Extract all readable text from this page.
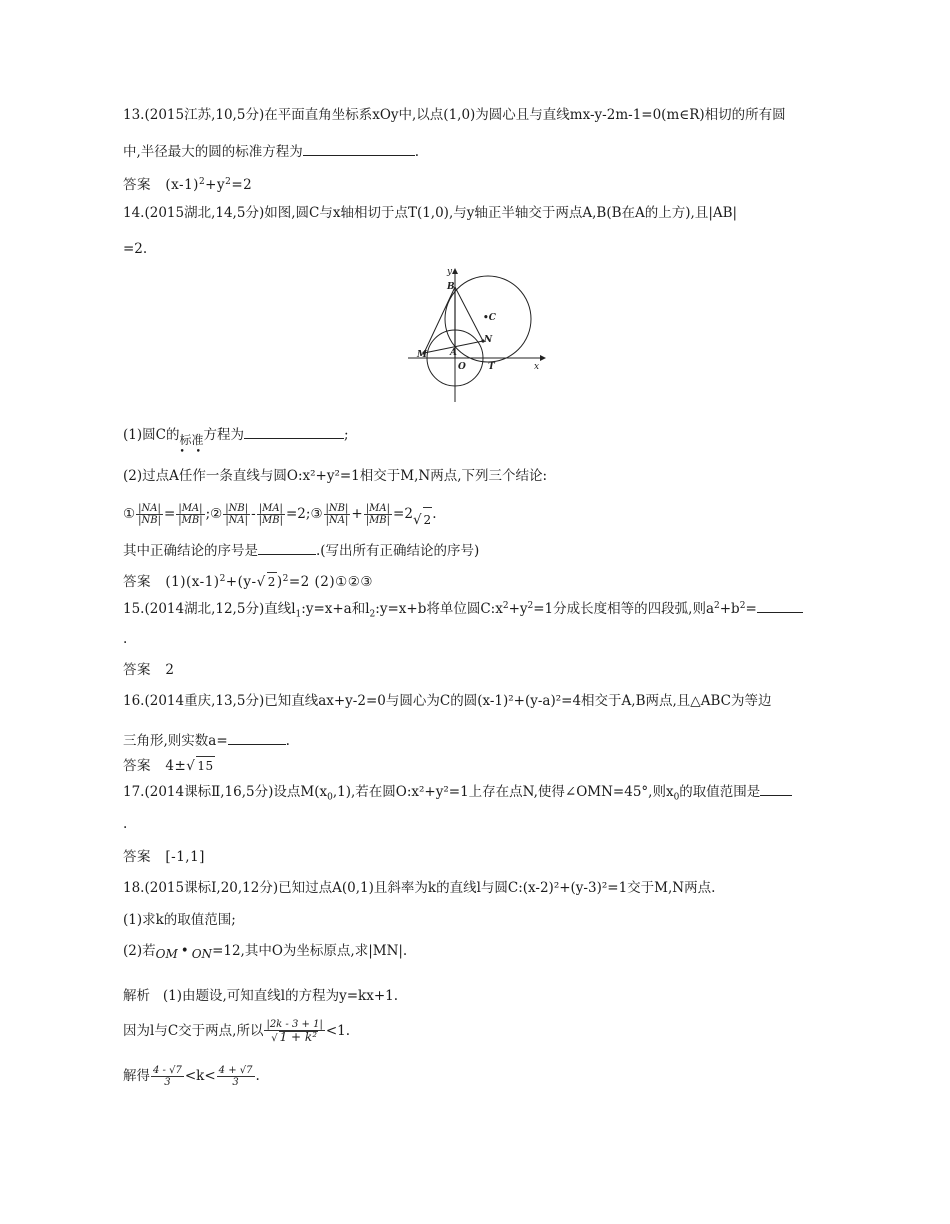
13.(2015江苏,10,5分)在平面直角坐标系xOy中,以点(1,0)为圆心且与直线mx-y-2m-1=0(m∈R)相切的所有圆
中,半径最大的圆的标准方程为	.
答案 $(x-1)^2+y^2=2$
14.(2015湖北,14,5分)如图,圆C与x轴相切于点T(1,0),与y轴正半轴交于两点A,B(B在A的上方),且|AB|
=2.
y
B
•C
N
M	A
O T	x
(1)圆C的标准
• •
方程为	;
(2)过点A任作一条直线与圆O:x²+y²=1相交于M,N两点,下列三个结论:
① $\frac{|NA|}{|NB|} = \frac{|MA|}{|MB|}$ ;② $\frac{|NB|}{|NA|} - \frac{|MA|}{|MB|}$ =2;③ $\frac{|NB|}{|NA|} + \frac{|MA|}{|MB|} =2√$ 2.
其中正确结论的序号是	.(写出所有正确结论的序号)
答案 $(1)(x-1)^2+(y-√$ 2)$^2$=2 (2)①②③
15.(2014湖北,12,5分)直线$l_1:y=x+a$和$l_2:y=x+b$将单位圆$C:x^2+y^2=1$分成长度相等的四段弧,则$a^2+b^2=$
.
答案 2
16.(2014重庆,13,5分)已知直线ax+y-2=0与圆心为C的圆(x-1)²+(y-a)²=4相交于A,B两点,且△ABC为等边
三角形,则实数a=	.
答案 4±√ 15
17.(2014课标Ⅱ,16,5分)设点$M(x_0,1)$,若在圆O:x²+y²=1上存在点N,使得∠OMN=45°,则$x_0$的取值范围是
.
答案 [-1,1]
18.(2015课标Ⅰ,20,12分)已知过点A(0,1)且斜率为k的直线l与圆C:(x-2)²+(y-3)²=1交于M,N两点.
(1)求k的取值范围;
(2)若OM • ON=12,其中O为坐标原点,求|MN|.
解析 (1)由题设,可知直线l的方程为y=kx+1.
因为l与C交于两点,所以 $\frac{|2k - 3 + 1|}{\text{√ 1 + k²}} <1$.
解得 $\frac{4 - √7}{3} <k< \frac{4 + √7}{3}$ .
